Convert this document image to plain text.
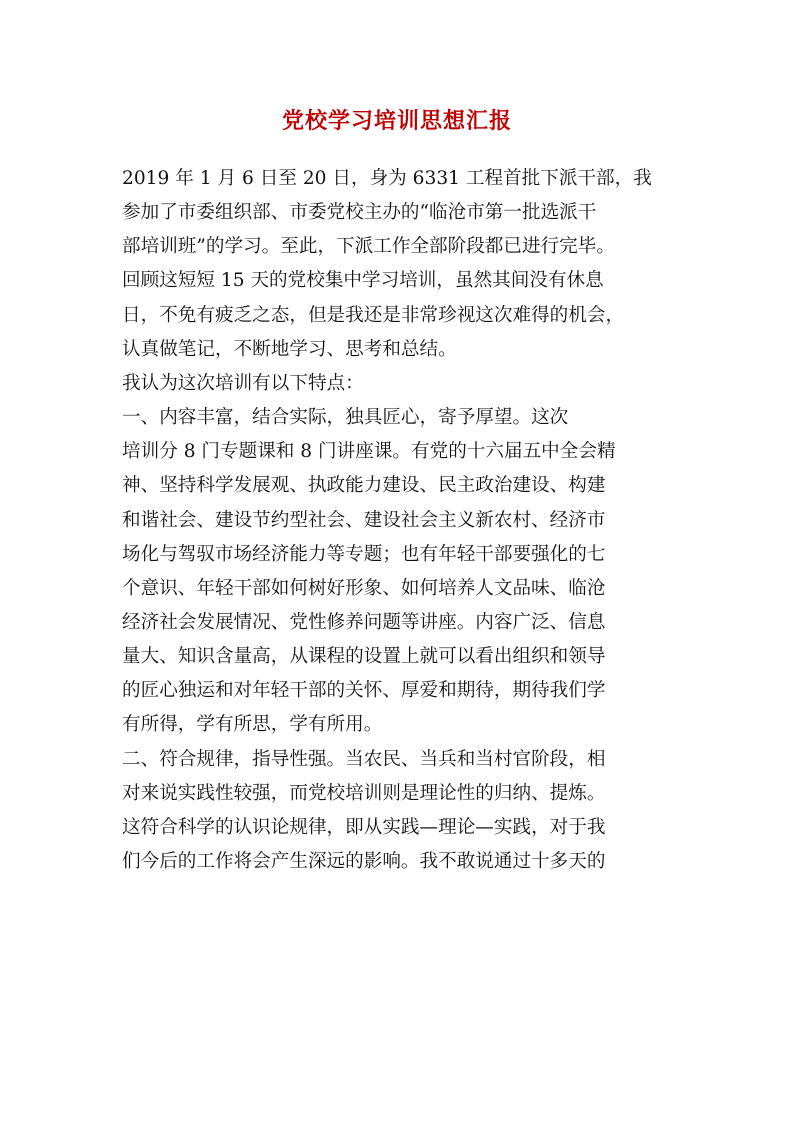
党校学习培训思想汇报
2019 年 1 月 6 日至 20 日，身为 6331 工程首批下派干部，我
参加了市委组织部、市委党校主办的“临沧市第一批选派干
部培训班”的学习。至此，下派工作全部阶段都已进行完毕。
回顾这短短 15 天的党校集中学习培训，虽然其间没有休息
日，不免有疲乏之态，但是我还是非常珍视这次难得的机会，
认真做笔记，不断地学习、思考和总结。
我认为这次培训有以下特点：
一、内容丰富，结合实际，独具匠心，寄予厚望。这次
培训分 8 门专题课和 8 门讲座课。有党的十六届五中全会精
神、坚持科学发展观、执政能力建设、民主政治建设、构建
和谐社会、建设节约型社会、建设社会主义新农村、经济市
场化与驾驭市场经济能力等专题；也有年轻干部要强化的七
个意识、年轻干部如何树好形象、如何培养人文品味、临沧
经济社会发展情况、党性修养问题等讲座。内容广泛、信息
量大、知识含量高，从课程的设置上就可以看出组织和领导
的匠心独运和对年轻干部的关怀、厚爱和期待，期待我们学
有所得，学有所思，学有所用。
二、符合规律，指导性强。当农民、当兵和当村官阶段，相
对来说实践性较强，而党校培训则是理论性的归纳、提炼。
这符合科学的认识论规律，即从实践—理论—实践，对于我
们今后的工作将会产生深远的影响。我不敢说通过十多天的
